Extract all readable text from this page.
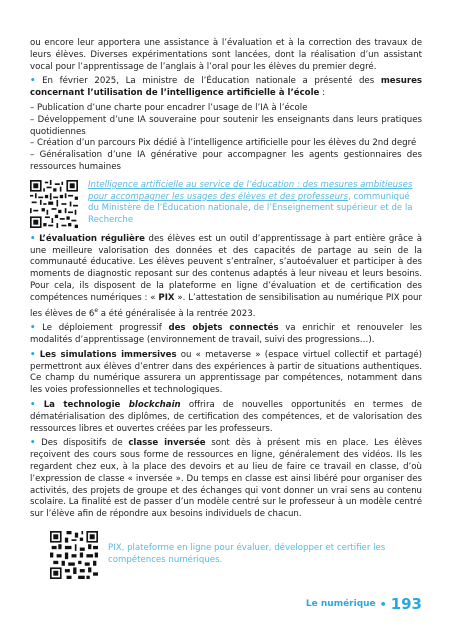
ou encore leur apportera une assistance à l’évaluation et à la correction des travaux de leurs élèves. Diverses expérimentations sont lancées, dont la réalisation d’un assistant vocal pour l’apprentissage de l’anglais à l’oral pour les élèves du premier degré.

• En février 2025, La ministre de l’Éducation nationale a présenté des mesures concernant l’utilisation de l’intelligence artificielle à l’école :

– Publication d’une charte pour encadrer l’usage de l’IA à l’école

– Développement d’une IA souveraine pour soutenir les enseignants dans leurs pratiques quotidiennes

– Création d’un parcours Pix dédié à l’intelligence artificielle pour les élèves du 2nd degré

– Généralisation d’une IA générative pour accompagner les agents gestionnaires des ressources humaines

Intelligence artificielle au service de l’éducation : des mesures ambitieuses pour accompagner les usages des élèves et des professeurs, communiqué du Ministère de l’Éducation nationale, de l’Enseignement supérieur et de la Recherche

• L’évaluation régulière des élèves est un outil d’apprentissage à part entière grâce à une meilleure valorisation des données et des capacités de partage au sein de la communauté éducative. Les élèves peuvent s’entraîner, s’autoévaluer et participer à des moments de diagnostic reposant sur des contenus adaptés à leur niveau et leurs besoins. Pour cela, ils disposent de la plateforme en ligne d’évaluation et de certification des compétences numériques : « PIX ». L’attestation de sensibilisation au numérique PIX pour les élèves de 6e a été généralisée à la rentrée 2023.

• Le déploiement progressif des objets connectés va enrichir et renouveler les modalités d’apprentissage (environnement de travail, suivi des progressions…).

• Les simulations immersives ou « metaverse » (espace virtuel collectif et partagé) permettront aux élèves d’entrer dans des expériences à partir de situations authentiques. Ce champ du numérique assurera un apprentissage par compétences, notamment dans les voies professionnelles et technologiques.

• La technologie blockchain offrira de nouvelles opportunités en termes de dématérialisation des diplômes, de certification des compétences, et de valorisation des ressources libres et ouvertes créées par les professeurs.

• Des dispositifs de classe inversée sont dès à présent mis en place. Les élèves reçoivent des cours sous forme de ressources en ligne, généralement des vidéos. Ils les regardent chez eux, à la place des devoirs et au lieu de faire ce travail en classe, d’où l’expression de classe « inversée ». Du temps en classe est ainsi libéré pour organiser des activités, des projets de groupe et des échanges qui vont donner un vrai sens au contenu scolaire. La finalité est de passer d’un modèle centré sur le professeur à un modèle centré sur l’élève afin de répondre aux besoins individuels de chacun.

PIX, plateforme en ligne pour évaluer, développer et certifier les compétences numériques.
Le numérique • 193
